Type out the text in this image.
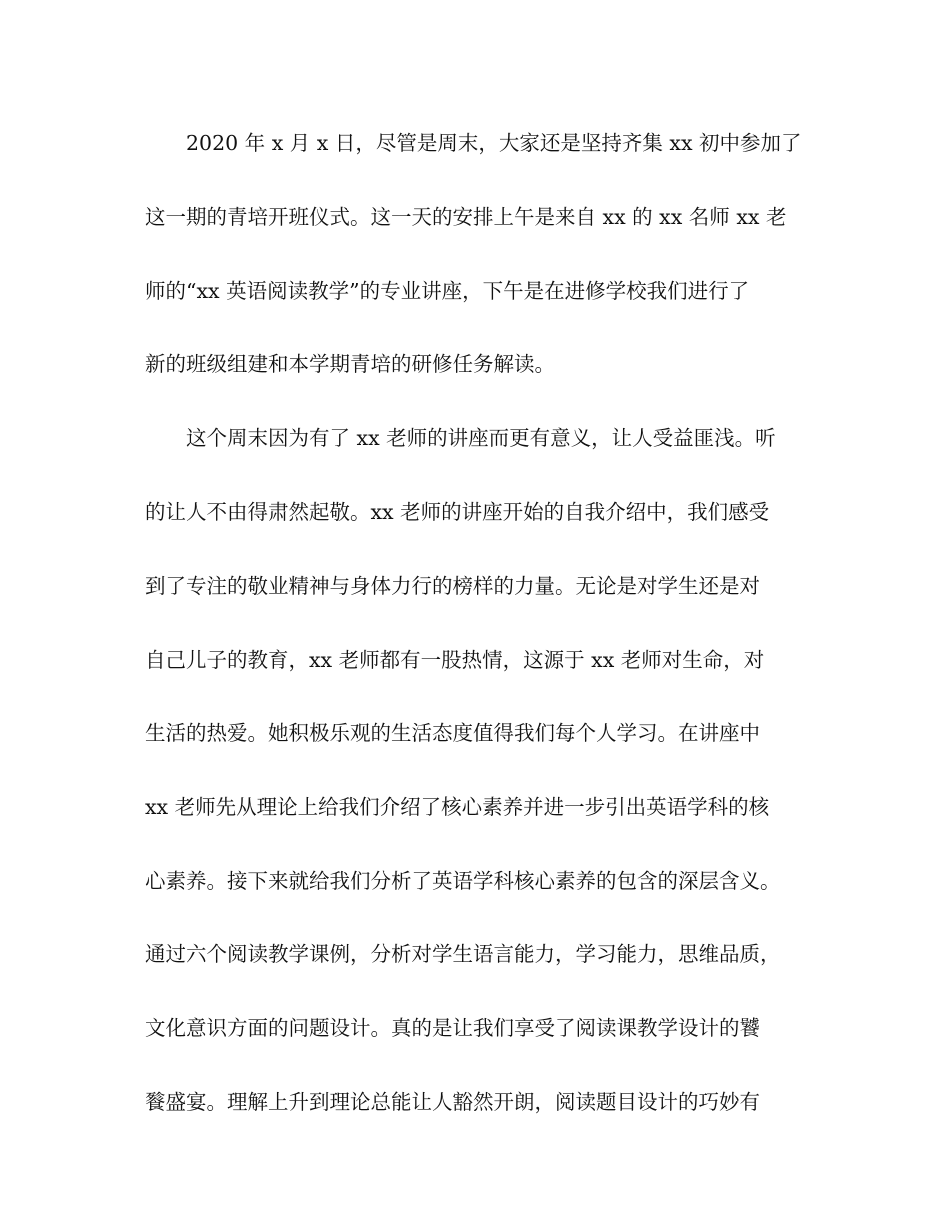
2020 年 x 月 x 日，尽管是周末，大家还是坚持齐集 xx 初中参加了
这一期的青培开班仪式。这一天的安排上午是来自 xx 的 xx 名师 xx 老
师的“xx 英语阅读教学”的专业讲座，下午是在进修学校我们进行了
新的班级组建和本学期青培的研修任务解读。
这个周末因为有了 xx 老师的讲座而更有意义，让人受益匪浅。听
的让人不由得肃然起敬。xx 老师的讲座开始的自我介绍中，我们感受
到了专注的敬业精神与身体力行的榜样的力量。无论是对学生还是对
自己儿子的教育，xx 老师都有一股热情，这源于 xx 老师对生命，对
生活的热爱。她积极乐观的生活态度值得我们每个人学习。在讲座中
xx 老师先从理论上给我们介绍了核心素养并进一步引出英语学科的核
心素养。接下来就给我们分析了英语学科核心素养的包含的深层含义。
通过六个阅读教学课例，分析对学生语言能力，学习能力，思维品质，
文化意识方面的问题设计。真的是让我们享受了阅读课教学设计的饕
餮盛宴。理解上升到理论总能让人豁然开朗，阅读题目设计的巧妙有
